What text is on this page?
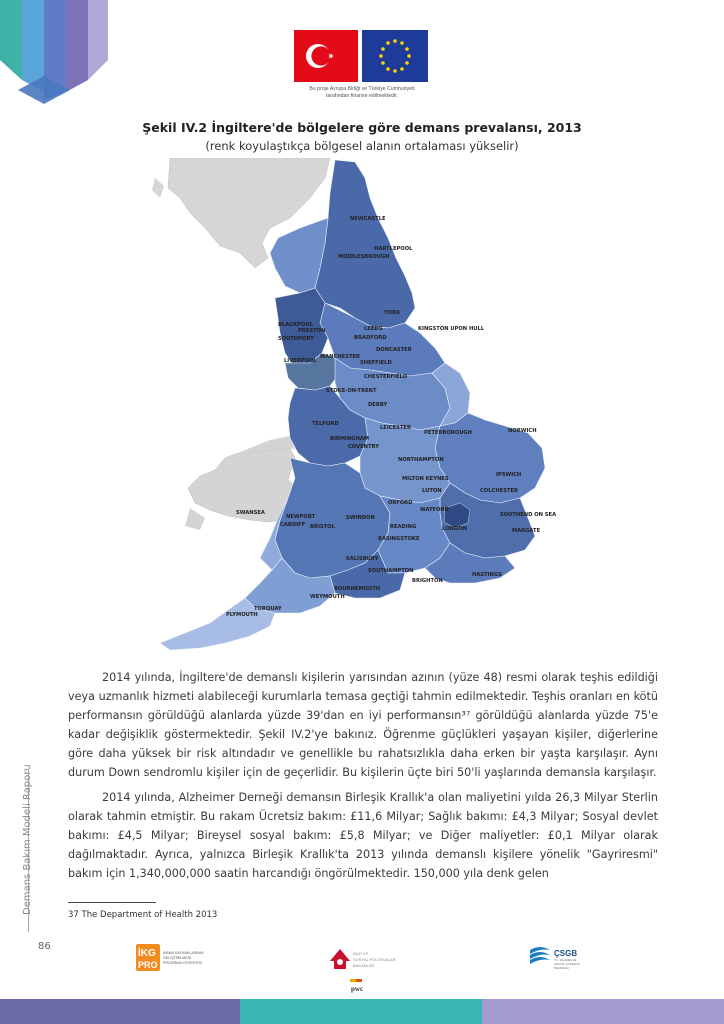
Bu proje Avrupa Birliği ve Türkiye Cumhuriyeti
tarafından finanse edilmektedir.
Şekil IV.2 İngiltere'de bölgelere göre demans prevalansı, 2013
(renk koyulaştıkça bölgesel alanın ortalaması yükselir)
NEWCASTLE
HARTLEPOOL
MIDDLESBROUGH
YORK
BLACKPOOL
PRESTON
SOUTHPORT
LEEDS
BRADFORD
KINGSTON UPON HULL
MANCHESTER
DONCASTER
SHEFFIELD
LIVERPOOL
CHESTERFIELD
STOKE-ON-TRENT
DERBY
TELFORD
LEICESTER
PETERBOROUGH	NORWICH
BIRMINGHAM
COVENTRY
NORTHAMPTON
MILTON KEYNES
IPSWICH
LUTON	COLCHESTER
OXFORD
WATFORD
SOUTHEND ON SEA
SWANSEA
NEWPORT
CARDIFF BRISTOL
SWINDON
READING	LONDON
BASINGSTOKE
MARGATE
SALISBURY
SOUTHAMPTON
BRIGHTON
HASTINGS
BOURNEMOUTH
WEYMOUTH
TORQUAY
PLYMOUTH

2014 yılında, İngiltere'de demanslı kişilerin yarısından azının (yüze 48) resmi olarak teşhis edildiği veya uzmanlık hizmeti alabileceği kurumlarla temasa geçtiği tahmin edilmektedir. Teşhis oranları en kötü performansın görüldüğü alanlarda yüzde 39'dan en iyi performansın³⁷ görüldüğü alanlarda yüzde 75'e kadar değişiklik göstermektedir. Şekil IV.2'ye bakınız. Öğrenme güçlükleri yaşayan kişiler, diğerlerine göre daha yüksek bir risk altındadır ve genellikle bu rahatsızlıkla daha erken bir yaşta karşılaşır. Aynı durum Down sendromlu kişiler için de geçerlidir. Bu kişilerin üçte biri 50'li yaşlarında demansla karşılaşır.

2014 yılında, Alzheimer Derneği demansın Birleşik Krallık'a olan maliyetini yılda 26,3 Milyar Sterlin olarak tahmin etmiştir. Bu rakam Ücretsiz bakım: £11,6 Milyar; Sağlık bakımı: £4,3 Milyar; Sosyal devlet bakımı: £4,5 Milyar; Bireysel sosyal bakım: £5,8 Milyar; ve Diğer maliyetler: £0,1 Milyar olarak dağılmaktadır. Ayrıca, yalnızca Birleşik Krallık'ta 2013 yılında demanslı kişilere yönelik "Gayriresmi" bakım için 1,340,000,000 saatin harcandığı öngörülmektedir. 150,000 yıla denk gelen

37 The Department of Health 2013
Demans Bakım Modeli Raporu
86
İKG
PRO
İNSAN KAYNAKLARININ
GELİŞTİRİLMESİ
PROGRAM OTORİTESİ
AİLE VE
SOSYAL POLİTİKALAR
BAKANLIĞI
pwc
ÇSGB
T.C. ÇALIŞMA VE
SOSYAL GÜVENLİK
BAKANLIĞI
